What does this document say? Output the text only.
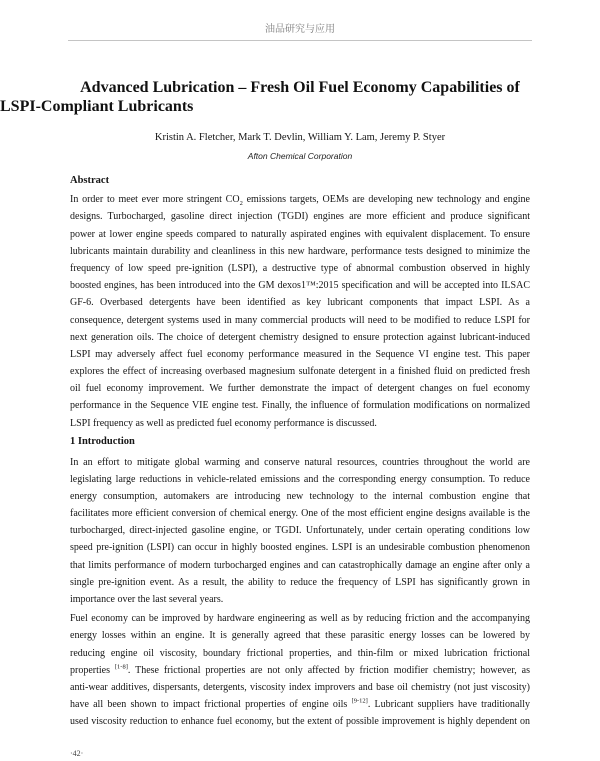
油品研究与应用
Advanced Lubrication – Fresh Oil Fuel Economy Capabilities of
LSPI-Compliant Lubricants
Kristin A. Fletcher, Mark T. Devlin, William Y. Lam, Jeremy P. Styer
Afton Chemical Corporation
Abstract
In order to meet ever more stringent $CO_2$ emissions targets, OEMs are developing new technology and engine
designs. Turbocharged, gasoline direct injection (TGDI) engines are more efficient and produce significant
power at lower engine speeds compared to naturally aspirated engines with equivalent displacement. To ensure
lubricants maintain durability and cleanliness in this new hardware, performance tests designed to minimize the
frequency of low speed pre-ignition (LSPI), a destructive type of abnormal combustion observed in highly
boosted engines, has been introduced into the GM dexos1™:2015 specification and will be accepted into ILSAC
GF-6. Overbased detergents have been identified as key lubricant components that impact LSPI. As a
consequence, detergent systems used in many commercial products will need to be modified to reduce LSPI for
next generation oils. The choice of detergent chemistry designed to ensure protection against lubricant-induced
LSPI may adversely affect fuel economy performance measured in the Sequence VI engine test. This paper
explores the effect of increasing overbased magnesium sulfonate detergent in a finished fluid on predicted fresh
oil fuel economy improvement. We further demonstrate the impact of detergent changes on fuel economy
performance in the Sequence VIE engine test. Finally, the influence of formulation modifications on normalized
LSPI frequency as well as predicted fuel economy performance is discussed.
1 Introduction
In an effort to mitigate global warming and conserve natural resources, countries throughout the world are
legislating large reductions in vehicle-related emissions and the corresponding energy consumption. To reduce
energy consumption, automakers are introducing new technology to the internal combustion engine that
facilitates more efficient conversion of chemical energy. One of the most efficient engine designs available is the
turbocharged, direct-injected gasoline engine, or TGDI. Unfortunately, under certain operating conditions low
speed pre-ignition (LSPI) can occur in highly boosted engines. LSPI is an undesirable combustion phenomenon
that limits performance of modern turbocharged engines and can catastrophically damage an engine after only a
single pre-ignition event. As a result, the ability to reduce the frequency of LSPI has significantly grown in
importance over the last several years.
Fuel economy can be improved by hardware engineering as well as by reducing friction and the accompanying
energy losses within an engine. It is generally agreed that these parasitic energy losses can be lowered by
reducing engine oil viscosity, boundary frictional properties, and thin-film or mixed lubrication frictional
properties [1-8]. These frictional properties are not only affected by friction modifier chemistry; however, as
anti-wear additives, dispersants, detergents, viscosity index improvers and base oil chemistry (not just viscosity)
have all been shown to impact frictional properties of engine oils [9-12]. Lubricant suppliers have traditionally
used viscosity reduction to enhance fuel economy, but the extent of possible improvement is highly dependent on
·42·
